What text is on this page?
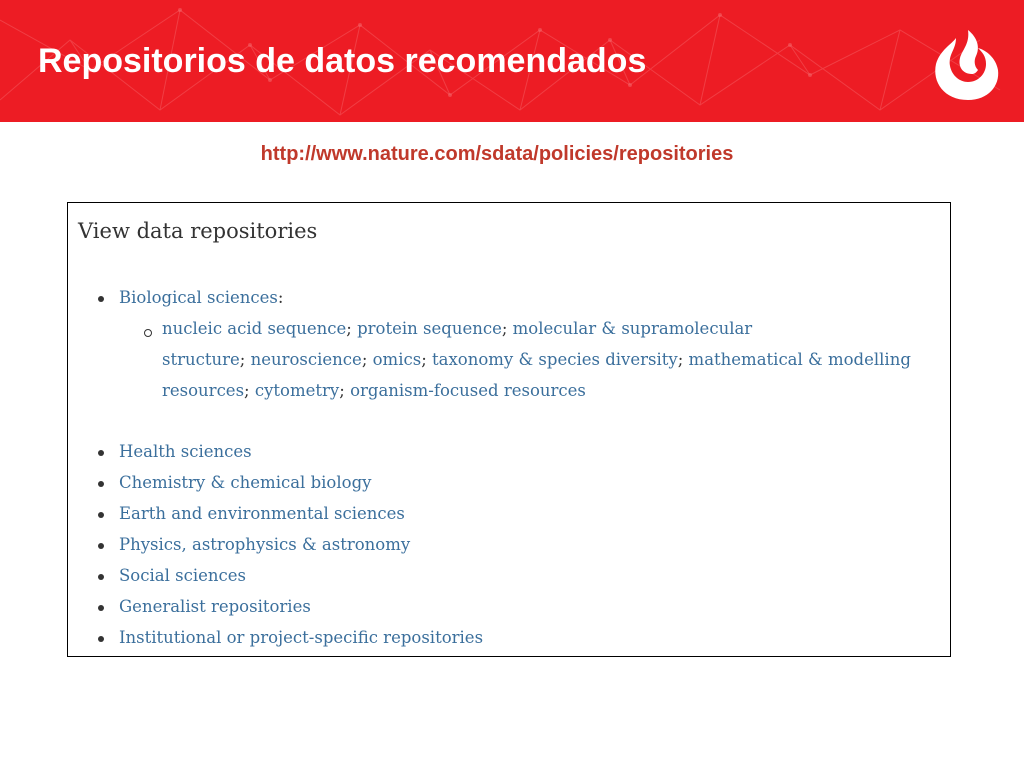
Repositorios de datos recomendados
http://www.nature.com/sdata/policies/repositories
View data repositories
Biological sciences:
nucleic acid sequence; protein sequence; molecular & supramolecular
structure; neuroscience; omics; taxonomy & species diversity; mathematical & modelling
resources; cytometry; organism-focused resources
Health sciences
Chemistry & chemical biology
Earth and environmental sciences
Physics, astrophysics & astronomy
Social sciences
Generalist repositories
Institutional or project-specific repositories
